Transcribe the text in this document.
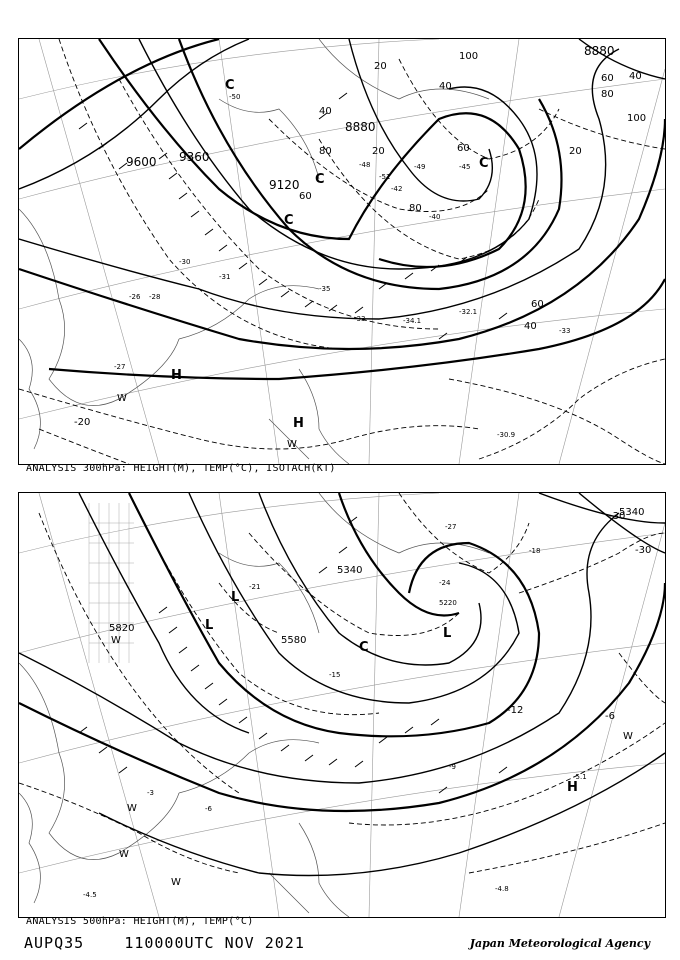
9600 9360
9120
8880
8880
20
40
60
80
100
40
60
80
100
20
40
60
80
20
40
60
-20
-50
-51
-49
-48	-45
-42
-40
-35
-33
-31
-30
-28
-27
-26
-30.9
-32.1
-34.1
-33
C
C
C
C
H
H
W
W
ANALYSIS 300hPa: HEIGHT(M), TEMP(°C), ISOTACH(KT)
5340
5340
5580
5820
5220
-30
-30
-27
-24
-21
-18
-15
-12
-9
-6
-3
-6
-5.1
-4.5
-4.8
C
L
L
L
H
W
W
W
W
W
ANALYSIS 500hPa: HEIGHT(M), TEMP(°C)
AUPQ35	110000UTC NOV 2021	Japan Meteorological Agency
